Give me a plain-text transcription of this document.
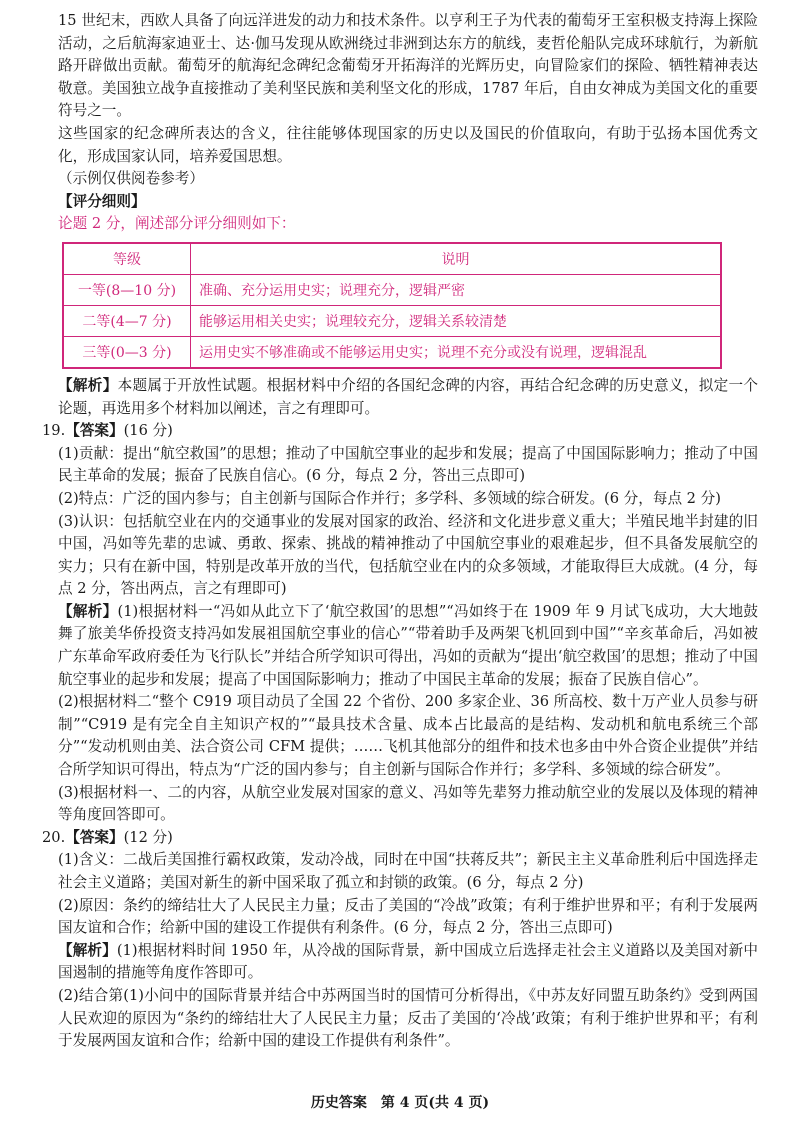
15 世纪末，西欧人具备了向远洋进发的动力和技术条件。以亨利王子为代表的葡萄牙王室积极支持海上探险活动，之后航海家迪亚士、达·伽马发现从欧洲绕过非洲到达东方的航线，麦哲伦船队完成环球航行，为新航路开辟做出贡献。葡萄牙的航海纪念碑纪念葡萄牙开拓海洋的光辉历史，向冒险家们的探险、牺牲精神表达敬意。美国独立战争直接推动了美利坚民族和美利坚文化的形成，1787 年后，自由女神成为美国文化的重要符号之一。

这些国家的纪念碑所表达的含义，往往能够体现国家的历史以及国民的价值取向，有助于弘扬本国优秀文化，形成国家认同，培养爱国思想。

（示例仅供阅卷参考）

【评分细则】

论题 2 分，阐述部分评分细则如下：

等级	说明
一等(8—10 分)	准确、充分运用史实；说理充分，逻辑严密
二等(4—7 分)	能够运用相关史实；说理较充分，逻辑关系较清楚
三等(0—3 分)	运用史实不够准确或不能够运用史实；说理不充分或没有说理，逻辑混乱

【解析】本题属于开放性试题。根据材料中介绍的各国纪念碑的内容，再结合纪念碑的历史意义，拟定一个论题，再选用多个材料加以阐述，言之有理即可。

19.【答案】(16 分)

(1)贡献：提出“航空救国”的思想；推动了中国航空事业的起步和发展；提高了中国国际影响力；推动了中国民主革命的发展；振奋了民族自信心。(6 分，每点 2 分，答出三点即可)

(2)特点：广泛的国内参与；自主创新与国际合作并行；多学科、多领域的综合研发。(6 分，每点 2 分)

(3)认识：包括航空业在内的交通事业的发展对国家的政治、经济和文化进步意义重大；半殖民地半封建的旧中国，冯如等先辈的忠诚、勇敢、探索、挑战的精神推动了中国航空事业的艰难起步，但不具备发展航空的实力；只有在新中国，特别是改革开放的当代，包括航空业在内的众多领域，才能取得巨大成就。(4 分，每点 2 分，答出两点，言之有理即可)

【解析】(1)根据材料一“冯如从此立下了‘航空救国’的思想”“冯如终于在 1909 年 9 月试飞成功，大大地鼓舞了旅美华侨投资支持冯如发展祖国航空事业的信心”“带着助手及两架飞机回到中国”“辛亥革命后，冯如被广东革命军政府委任为飞行队长”并结合所学知识可得出，冯如的贡献为“提出‘航空救国’的思想；推动了中国航空事业的起步和发展；提高了中国国际影响力；推动了中国民主革命的发展；振奋了民族自信心”。

(2)根据材料二“整个 C919 项目动员了全国 22 个省份、200 多家企业、36 所高校、数十万产业人员参与研制”“C919 是有完全自主知识产权的”“最具技术含量、成本占比最高的是结构、发动机和航电系统三个部分”“发动机则由美、法合资公司 CFM 提供；……飞机其他部分的组件和技术也多由中外合资企业提供”并结合所学知识可得出，特点为“广泛的国内参与；自主创新与国际合作并行；多学科、多领域的综合研发”。

(3)根据材料一、二的内容，从航空业发展对国家的意义、冯如等先辈努力推动航空业的发展以及体现的精神等角度回答即可。

20.【答案】(12 分)

(1)含义：二战后美国推行霸权政策，发动冷战，同时在中国“扶蒋反共”；新民主主义革命胜利后中国选择走社会主义道路；美国对新生的新中国采取了孤立和封锁的政策。(6 分，每点 2 分)

(2)原因：条约的缔结壮大了人民民主力量；反击了美国的“冷战”政策；有利于维护世界和平；有利于发展两国友谊和合作；给新中国的建设工作提供有利条件。(6 分，每点 2 分，答出三点即可)

【解析】(1)根据材料时间 1950 年，从冷战的国际背景，新中国成立后选择走社会主义道路以及美国对新中国遏制的措施等角度作答即可。

(2)结合第(1)小问中的国际背景并结合中苏两国当时的国情可分析得出，《中苏友好同盟互助条约》受到两国人民欢迎的原因为“条约的缔结壮大了人民民主力量；反击了美国的‘冷战’政策；有利于维护世界和平；有利于发展两国友谊和合作；给新中国的建设工作提供有利条件”。

历史答案　第 4 页(共 4 页)
